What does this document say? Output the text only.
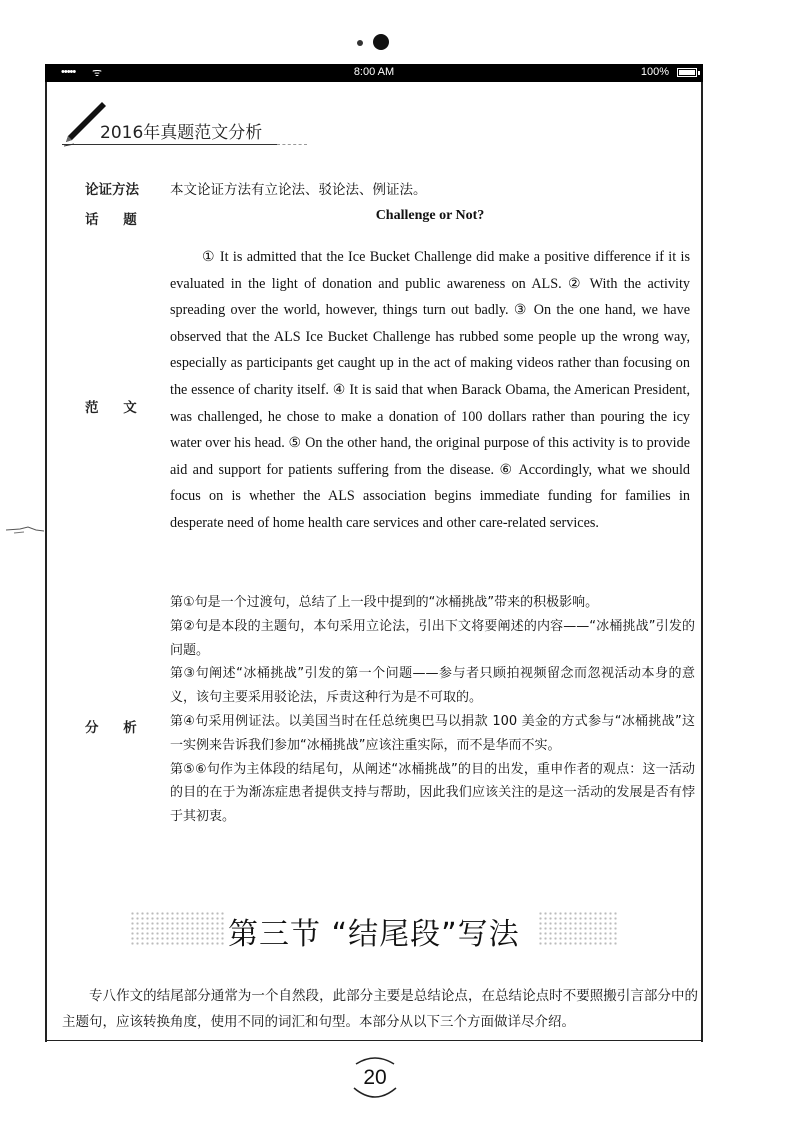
••••• ᯤ	8:00 AM	100%
2016年真题范文分析
论证方法
话 题
范 文
分 析
本文论证方法有立论法、驳论法、例证法。
Challenge or Not?

① It is admitted that the Ice Bucket Challenge did make a positive difference if it is evaluated in the light of donation and public awareness on ALS. ② With the activity spreading over the world, however, things turn out badly. ③ On the one hand, we have observed that the ALS Ice Bucket Challenge has rubbed some people up the wrong way, especially as participants get caught up in the act of making videos rather than focusing on the essence of charity itself. ④ It is said that when Barack Obama, the American President, was challenged, he chose to make a donation of 100 dollars rather than pouring the icy water over his head. ⑤ On the other hand, the original purpose of this activity is to provide aid and support for patients suffering from the disease. ⑥ Accordingly, what we should focus on is whether the ALS association begins immediate funding for families in desperate need of home health care services and other care-related services.

第①句是一个过渡句，总结了上一段中提到的“冰桶挑战”带来的积极影响。

第②句是本段的主题句，本句采用立论法，引出下文将要阐述的内容——“冰桶挑战”引发的问题。

第③句阐述“冰桶挑战”引发的第一个问题——参与者只顾拍视频留念而忽视活动本身的意义，该句主要采用驳论法，斥责这种行为是不可取的。

第④句采用例证法。以美国当时在任总统奥巴马以捐款 100 美金的方式参与“冰桶挑战”这一实例来告诉我们参加“冰桶挑战”应该注重实际，而不是华而不实。

第⑤⑥句作为主体段的结尾句，从阐述“冰桶挑战”的目的出发，重申作者的观点：这一活动的目的在于为渐冻症患者提供支持与帮助，因此我们应该关注的是这一活动的发展是否有悖于其初衷。

第三节 “结尾段”写法

专八作文的结尾部分通常为一个自然段，此部分主要是总结论点，在总结论点时不要照搬引言部分中的主题句，应该转换角度，使用不同的词汇和句型。本部分从以下三个方面做详尽介绍。

20
